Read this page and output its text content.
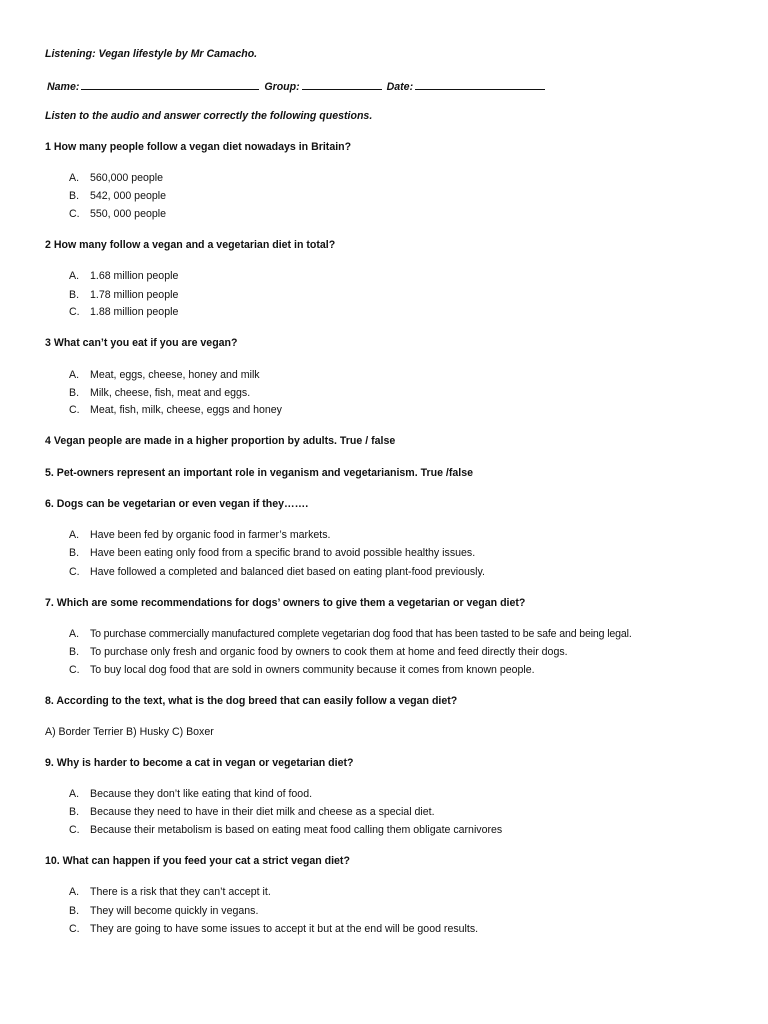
Listening: Vegan lifestyle by Mr Camacho.
Name:	Group:	Date:
Listen to the audio and answer correctly the following questions.
1 How many people follow a vegan diet nowadays in Britain?
A. 560,000 people
B. 542, 000 people
C. 550, 000 people
2 How many follow a vegan and a vegetarian diet in total?
A. 1.68 million people
B. 1.78 million people
C. 1.88 million people
3 What can’t you eat if you are vegan?
A. Meat, eggs, cheese, honey and milk
B. Milk, cheese, fish, meat and eggs.
C. Meat, fish, milk, cheese, eggs and honey
4 Vegan people are made in a higher proportion by adults. True / false
5. Pet-owners represent an important role in veganism and vegetarianism. True /false
6. Dogs can be vegetarian or even vegan if they…….
A. Have been fed by organic food in farmer’s markets.
B. Have been eating only food from a specific brand to avoid possible healthy issues.
C. Have followed a completed and balanced diet based on eating plant-food previously.
7. Which are some recommendations for dogs’ owners to give them a vegetarian or vegan diet?
A. To purchase commercially manufactured complete vegetarian dog food that has been tasted to be safe and being legal.
B. To purchase only fresh and organic food by owners to cook them at home and feed directly their dogs.
C. To buy local dog food that are sold in owners community because it comes from known people.
8. According to the text, what is the dog breed that can easily follow a vegan diet?
A) Border Terrier B) Husky C) Boxer
9. Why is harder to become a cat in vegan or vegetarian diet?
A. Because they don’t like eating that kind of food.
B. Because they need to have in their diet milk and cheese as a special diet.
C. Because their metabolism is based on eating meat food calling them obligate carnivores
10. What can happen if you feed your cat a strict vegan diet?
A. There is a risk that they can’t accept it.
B. They will become quickly in vegans.
C. They are going to have some issues to accept it but at the end will be good results.
